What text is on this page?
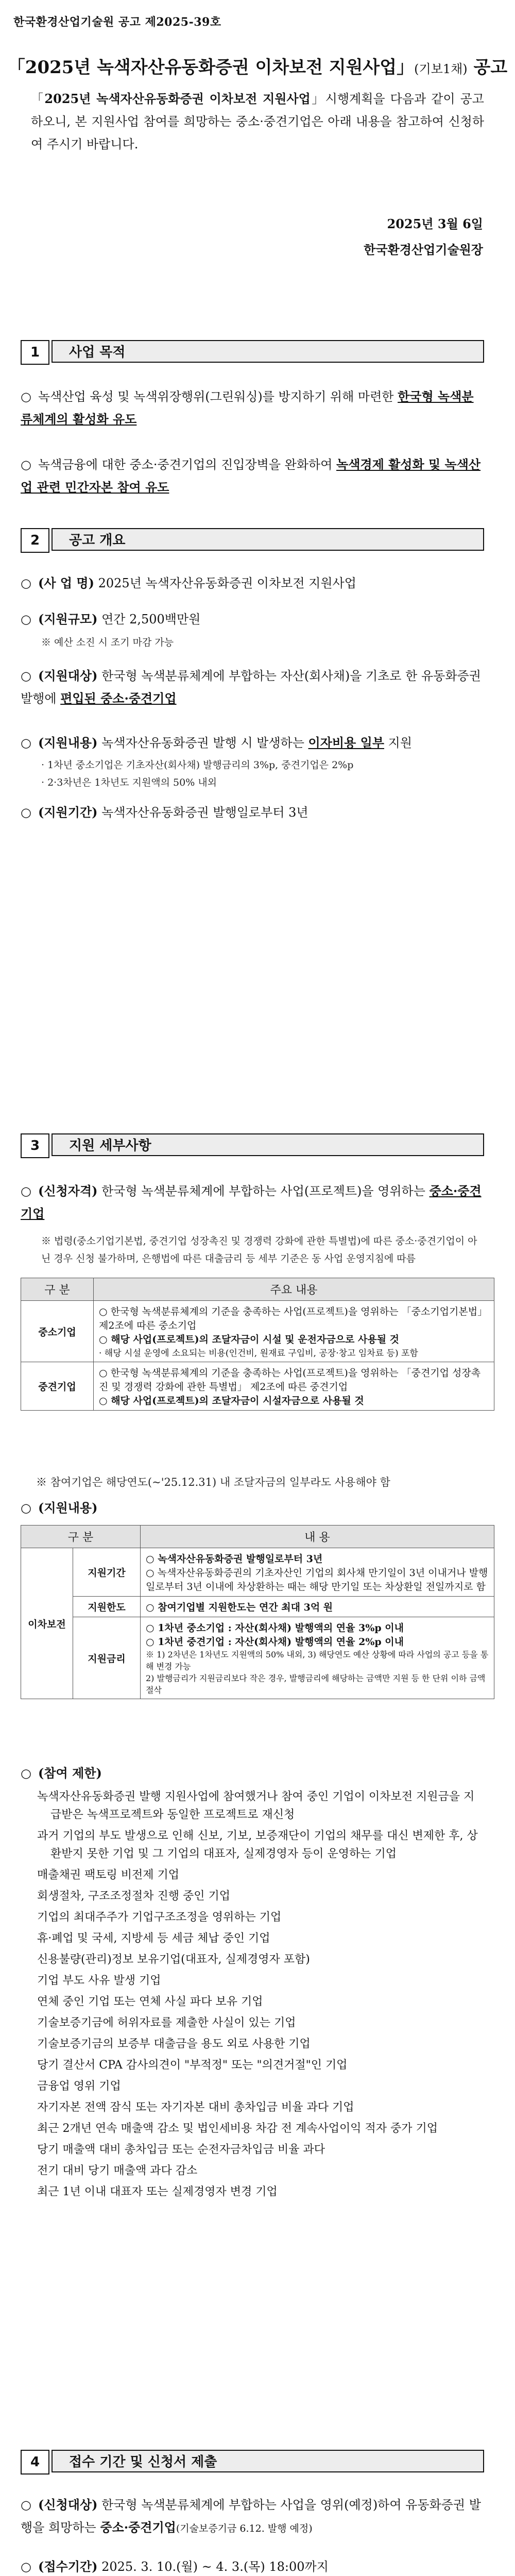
한국환경산업기술원 공고 제2025-39호
「2025년 녹색자산유동화증권 이차보전 지원사업」(기보1채) 공고
「2025년 녹색자산유동화증권 이차보전 지원사업」시행계획을 다음과 같이 공고하오니, 본 지원사업 참여를 희망하는 중소·중견기업은 아래 내용을 참고하여 신청하여 주시기 바랍니다.
2025년 3월 6일
한국환경산업기술원장
1	사업 목적
○ 녹색산업 육성 및 녹색위장행위(그린워싱)를 방지하기 위해 마련한 한국형 녹색분류체계의 활성화 유도
○ 녹색금융에 대한 중소·중견기업의 진입장벽을 완화하여 녹색경제 활성화 및 녹색산업 관련 민간자본 참여 유도
2	공고 개요
○ (사 업 명) 2025년 녹색자산유동화증권 이차보전 지원사업
○ (지원규모) 연간 2,500백만원
※ 예산 소진 시 조기 마감 가능
○ (지원대상) 한국형 녹색분류체계에 부합하는 자산(회사채)을 기초로 한 유동화증권 발행에 편입된 중소·중견기업
○ (지원내용) 녹색자산유동화증권 발행 시 발생하는 이자비용 일부 지원
· 1차년 중소기업은 기초자산(회사채) 발행금리의 3%p, 중견기업은 2%p
· 2·3차년은 1차년도 지원액의 50% 내외
○ (지원기간) 녹색자산유동화증권 발행일로부터 3년
3	지원 세부사항
○ (신청자격) 한국형 녹색분류체계에 부합하는 사업(프로젝트)을 영위하는 중소·중견기업
※ 법령(중소기업기본법, 중견기업 성장촉진 및 경쟁력 강화에 관한 특별법)에 따른 중소·중견기업이 아닌 경우 신청 불가하며, 은행법에 따른 대출금리 등 세부 기준은 동 사업 운영지침에 따름
구 분	주요 내용
중소기업	○ 한국형 녹색분류체계의 기준을 충족하는 사업(프로젝트)을 영위하는 「중소기업기본법」 제2조에 따른 중소기업
○ 해당 사업(프로젝트)의 조달자금이 시설 및 운전자금으로 사용될 것
· 해당 시설 운영에 소요되는 비용(인건비, 원재료 구입비, 공장·창고 임차료 등) 포함

중견기업	○ 한국형 녹색분류체계의 기준을 충족하는 사업(프로젝트)을 영위하는 「중견기업 성장촉진 및 경쟁력 강화에 관한 특별법」 제2조에 따른 중견기업
○ 해당 사업(프로젝트)의 조달자금이 시설자금으로 사용될 것
※ 참여기업은 해당연도(~'25.12.31) 내 조달자금의 일부라도 사용해야 함
○ (지원내용)
구 분		내 용
이차보전	지원기간	○ 녹색자산유동화증권 발행일로부터 3년
○ 녹색자산유동화증권의 기초자산인 기업의 회사채 만기일이 3년 이내거나 발행일로부터 3년 이내에 차상환하는 때는 해당 만기일 또는 차상환일 전일까지로 함

	지원한도	○ 참여기업별 지원한도는 연간 최대 3억 원
	지원금리	○ 1차년 중소기업 : 자산(회사채) 발행액의 연율 3%p 이내
○ 1차년 중견기업 : 자산(회사채) 발행액의 연율 2%p 이내
※ 1) 2차년은 1차년도 지원액의 50% 내외, 3) 해당연도 예산 상황에 따라 사업의 공고 등을 통해 변경 가능
2) 발행금리가 지원금리보다 작은 경우, 발행금리에 해당하는 금액만 지원 등 한 단위 이하 금액 절삭
○ (참여 제한)
녹색자산유동화증권 발행 지원사업에 참여했거나 참여 중인 기업이 이차보전 지원금을 지급받은 녹색프로젝트와 동일한 프로젝트로 재신청
과거 기업의 부도 발생으로 인해 신보, 기보, 보증재단이 기업의 채무를 대신 변제한 후, 상환받지 못한 기업 및 그 기업의 대표자, 실제경영자 등이 운영하는 기업
매출채권 팩토링 비전제 기업
회생절차, 구조조정절차 진행 중인 기업
기업의 최대주주가 기업구조조정을 영위하는 기업
휴·폐업 및 국세, 지방세 등 세금 체납 중인 기업
신용불량(관리)정보 보유기업(대표자, 실제경영자 포함)
기업 부도 사유 발생 기업
연체 중인 기업 또는 연체 사실 파다 보유 기업
기술보증기금에 허위자료를 제출한 사실이 있는 기업
기술보증기금의 보증부 대출금을 용도 외로 사용한 기업
당기 결산서 CPA 감사의견이 "부적정" 또는 "의견거절"인 기업
금융업 영위 기업
자기자본 전액 잠식 또는 자기자본 대비 총차입금 비율 과다 기업
최근 2개년 연속 매출액 감소 및 법인세비용 차감 전 계속사업이익 적자 중가 기업
당기 매출액 대비 총차입금 또는 순전자금차입금 비율 과다
전기 대비 당기 매출액 과다 감소
최근 1년 이내 대표자 또는 실제경영자 변경 기업
4	접수 기간 및 신청서 제출
○ (신청대상) 한국형 녹색분류체계에 부합하는 사업을 영위(예정)하여 유동화증권 발행을 희망하는 중소·중견기업(기술보증기금 6.12. 발행 예정)
○ (접수기간) 2025. 3. 10.(월) ~ 4. 3.(목) 18:00까지
